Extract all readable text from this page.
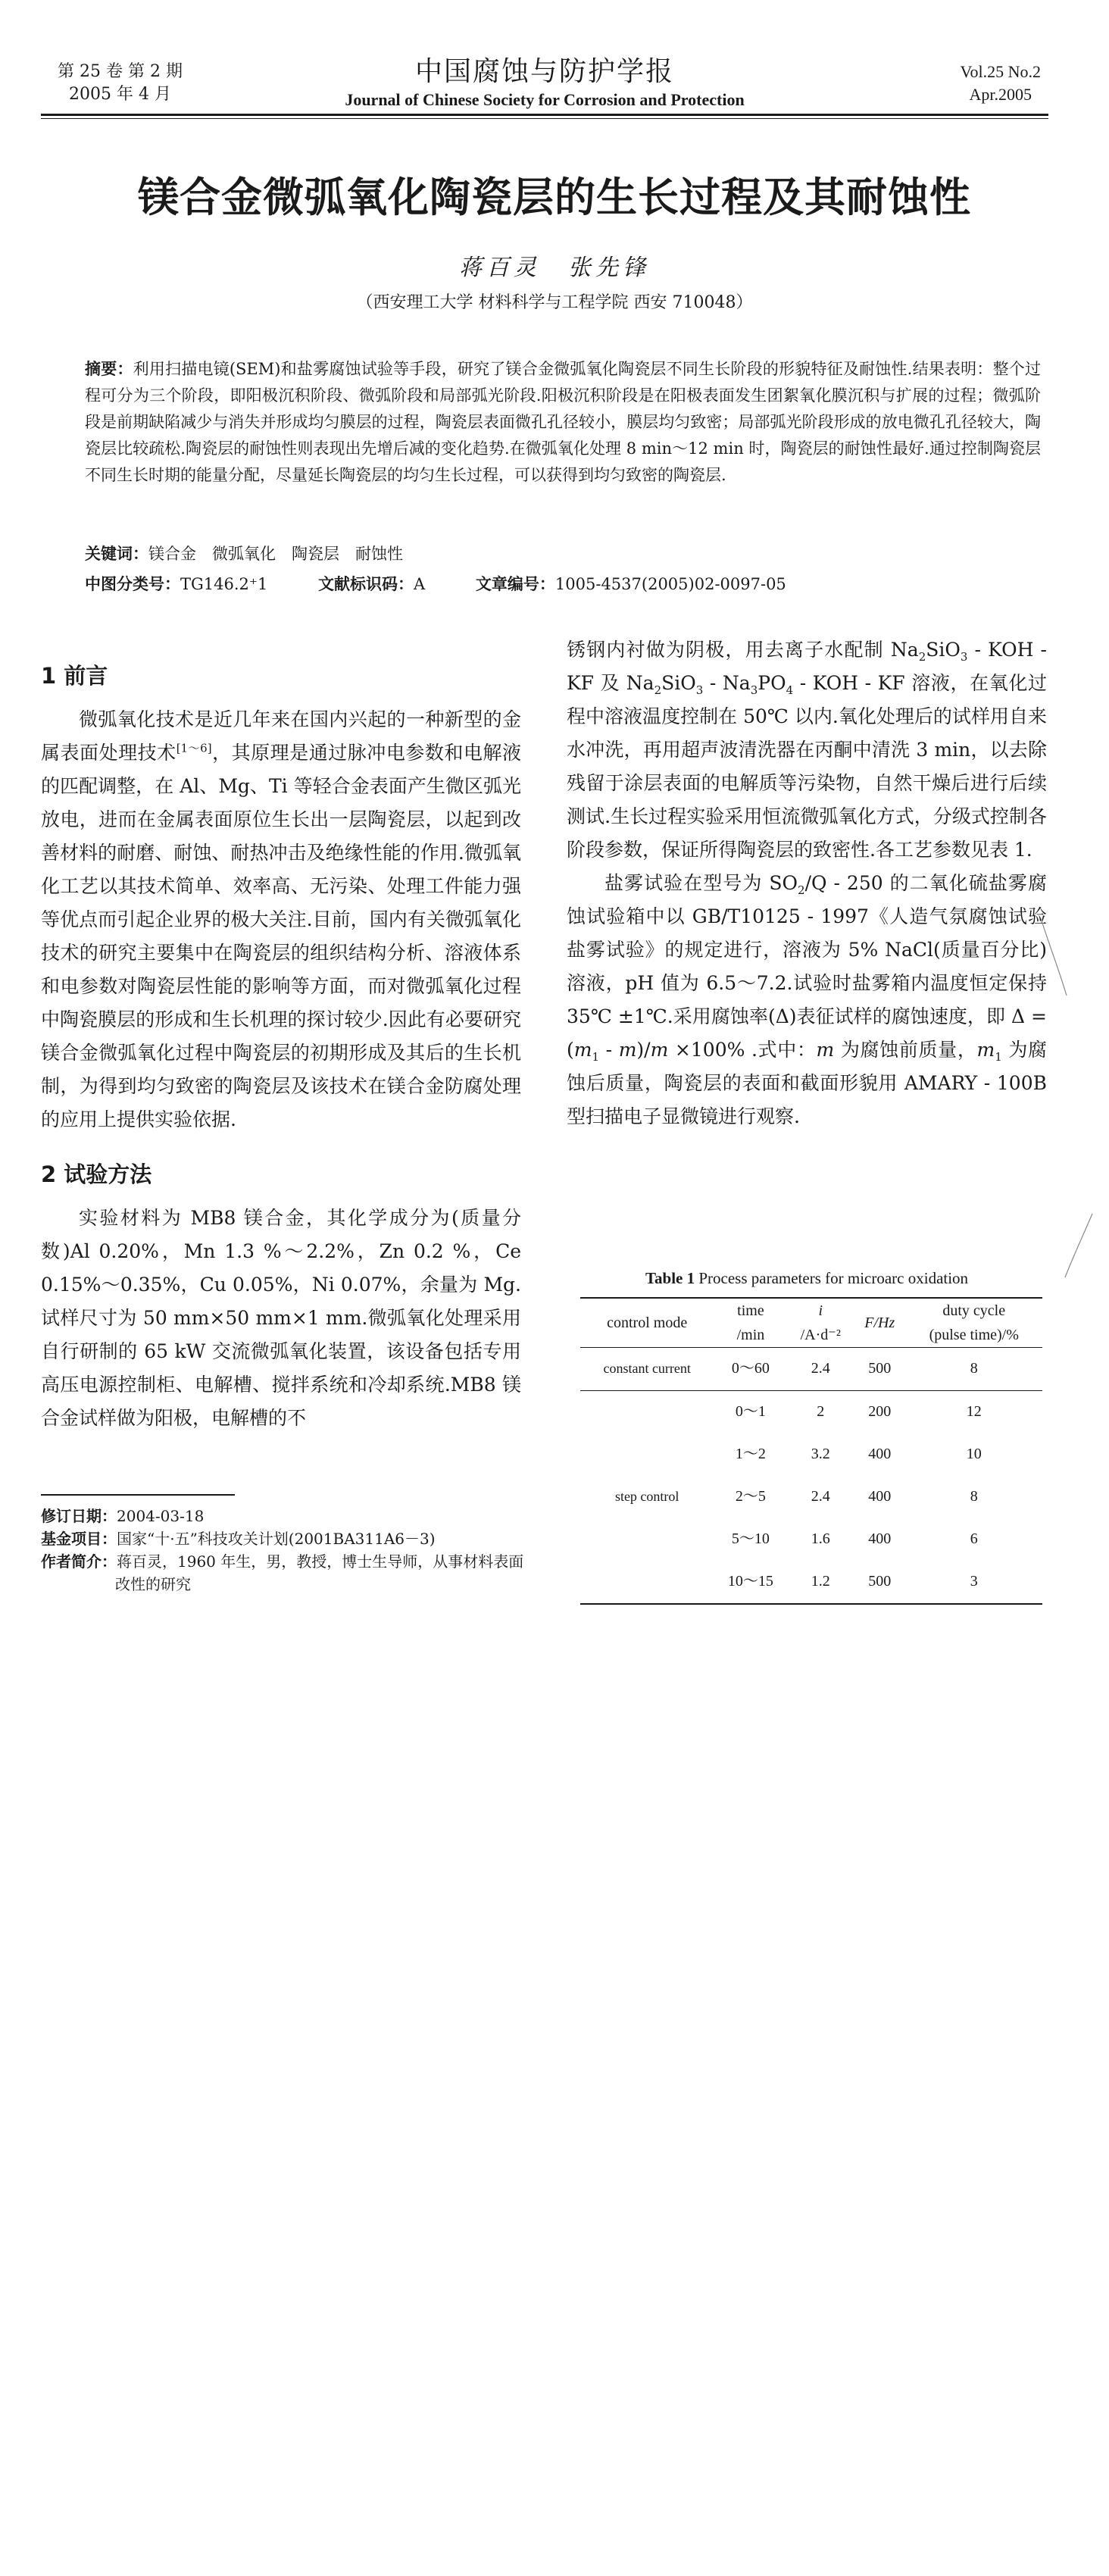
第 25 卷 第 2 期
2005 年 4 月
中国腐蚀与防护学报
Journal of Chinese Society for Corrosion and Protection
Vol.25 No.2
Apr.2005
镁合金微弧氧化陶瓷层的生长过程及其耐蚀性
蒋百灵　张先锋
（西安理工大学 材料科学与工程学院 西安 710048）
摘要：利用扫描电镜(SEM)和盐雾腐蚀试验等手段，研究了镁合金微弧氧化陶瓷层不同生长阶段的形貌特征及耐蚀性.结果表明：整个过程可分为三个阶段，即阳极沉积阶段、微弧阶段和局部弧光阶段.阳极沉积阶段是在阳极表面发生团絮氧化膜沉积与扩展的过程；微弧阶段是前期缺陷减少与消失并形成均匀膜层的过程，陶瓷层表面微孔孔径较小，膜层均匀致密；局部弧光阶段形成的放电微孔孔径较大，陶瓷层比较疏松.陶瓷层的耐蚀性则表现出先增后减的变化趋势.在微弧氧化处理 8 min～12 min 时，陶瓷层的耐蚀性最好.通过控制陶瓷层不同生长时期的能量分配，尽量延长陶瓷层的均匀生长过程，可以获得到均匀致密的陶瓷层.
关键词：镁合金　微弧氧化　陶瓷层　耐蚀性
中图分类号：TG146.2⁺1	文献标识码：A	文章编号：1005-4537(2005)02-0097-05
1 前言

微弧氧化技术是近几年来在国内兴起的一种新型的金属表面处理技术[1～6]，其原理是通过脉冲电参数和电解液的匹配调整，在 Al、Mg、Ti 等轻合金表面产生微区弧光放电，进而在金属表面原位生长出一层陶瓷层，以起到改善材料的耐磨、耐蚀、耐热冲击及绝缘性能的作用.微弧氧化工艺以其技术简单、效率高、无污染、处理工件能力强等优点而引起企业界的极大关注.目前，国内有关微弧氧化技术的研究主要集中在陶瓷层的组织结构分析、溶液体系和电参数对陶瓷层性能的影响等方面，而对微弧氧化过程中陶瓷膜层的形成和生长机理的探讨较少.因此有必要研究镁合金微弧氧化过程中陶瓷层的初期形成及其后的生长机制，为得到均匀致密的陶瓷层及该技术在镁合金防腐处理的应用上提供实验依据.

2 试验方法

实验材料为 MB8 镁合金，其化学成分为(质量分数)Al 0.20%，Mn 1.3 %～2.2%，Zn 0.2 %，Ce 0.15%～0.35%，Cu 0.05%，Ni 0.07%，余量为 Mg.试样尺寸为 50 mm×50 mm×1 mm.微弧氧化处理采用自行研制的 65 kW 交流微弧氧化装置，该设备包括专用高压电源控制柜、电解槽、搅拌系统和冷却系统.MB8 镁合金试样做为阳极，电解槽的不

修订日期：2004-03-18

基金项目：国家“十·五”科技攻关计划(2001BA311A6－3)

作者简介：蒋百灵，1960 年生，男，教授，博士生导师，从事材料表面

改性的研究

锈钢内衬做为阴极，用去离子水配制 $Na_2SiO_3$ - KOH - KF 及 $Na_2SiO_3 - Na_3PO_4$ - KOH - KF 溶液，在氧化过程中溶液温度控制在 50℃ 以内.氧化处理后的试样用自来水冲洗，再用超声波清洗器在丙酮中清洗 3 min，以去除残留于涂层表面的电解质等污染物，自然干燥后进行后续测试.生长过程实验采用恒流微弧氧化方式，分级式控制各阶段参数，保证所得陶瓷层的致密性.各工艺参数见表 1.

盐雾试验在型号为 $SO_2/Q - 250$ 的二氧化硫盐雾腐蚀试验箱中以 GB/T10125 - 1997《人造气氛腐蚀试验盐雾试验》的规定进行，溶液为 5% NaCl(质量百分比)溶液，pH 值为 6.5～7.2.试验时盐雾箱内温度恒定保持 35℃ ±1℃.采用腐蚀率(Δ)表征试样的腐蚀速度，即 $\Delta = (m_1 - m)/m \times 100\%$ .式中：m 为腐蚀前质量，$m_1$ 为腐蚀后质量，陶瓷层的表面和截面形貌用 AMARY - 100B 型扫描电子显微镜进行观察.

Table 1 Process parameters for microarc oxidation
control mode	time	i	F/Hz	duty cycle
	/min	/A·d⁻²		(pulse time)/%
constant current	0～60	2.4	500	8
	0～1	2	200	12
	1～2	3.2	400	10
step control	2～5	2.4	400	8
	5～10	1.6	400	6
	10～15	1.2	500	3
